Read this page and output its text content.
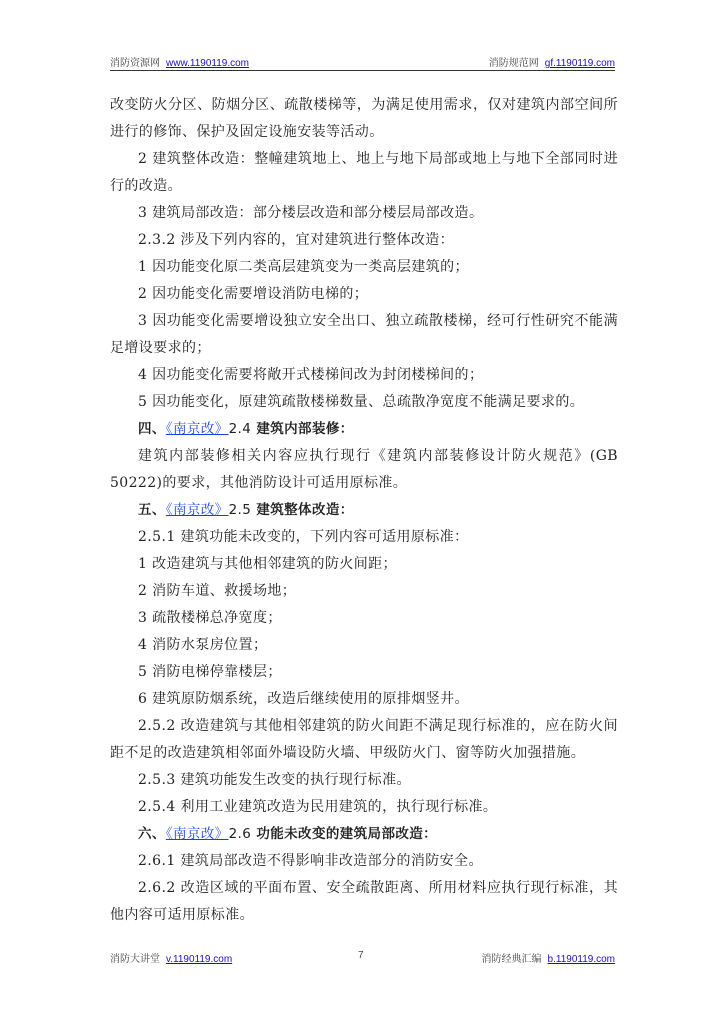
消防资源网 www.1190119.com	消防规范网 gf.1190119.com

改变防火分区、防烟分区、疏散楼梯等，为满足使用需求，仅对建筑内部空间所进行的修饰、保护及固定设施安装等活动。

2 建筑整体改造：整幢建筑地上、地上与地下局部或地上与地下全部同时进行的改造。

3 建筑局部改造：部分楼层改造和部分楼层局部改造。

2.3.2 涉及下列内容的，宜对建筑进行整体改造：

1 因功能变化原二类高层建筑变为一类高层建筑的；

2 因功能变化需要增设消防电梯的；

3 因功能变化需要增设独立安全出口、独立疏散楼梯，经可行性研究不能满足增设要求的；

4 因功能变化需要将敞开式楼梯间改为封闭楼梯间的；

5 因功能变化，原建筑疏散楼梯数量、总疏散净宽度不能满足要求的。

四、《南京改》2.4 建筑内部装修：

建筑内部装修相关内容应执行现行《建筑内部装修设计防火规范》(GB 50222)的要求，其他消防设计可适用原标准。

五、《南京改》2.5 建筑整体改造：

2.5.1 建筑功能未改变的，下列内容可适用原标准：

1 改造建筑与其他相邻建筑的防火间距；

2 消防车道、救援场地；

3 疏散楼梯总净宽度；

4 消防水泵房位置；

5 消防电梯停靠楼层；

6 建筑原防烟系统，改造后继续使用的原排烟竖井。

2.5.2 改造建筑与其他相邻建筑的防火间距不满足现行标准的，应在防火间距不足的改造建筑相邻面外墙设防火墙、甲级防火门、窗等防火加强措施。

2.5.3 建筑功能发生改变的执行现行标准。

2.5.4 利用工业建筑改造为民用建筑的，执行现行标准。

六、《南京改》2.6 功能未改变的建筑局部改造：

2.6.1 建筑局部改造不得影响非改造部分的消防安全。

2.6.2 改造区域的平面布置、安全疏散距离、所用材料应执行现行标准，其他内容可适用原标准。

消防大讲堂 v.1190119.com	7	消防经典汇编 b.1190119.com
